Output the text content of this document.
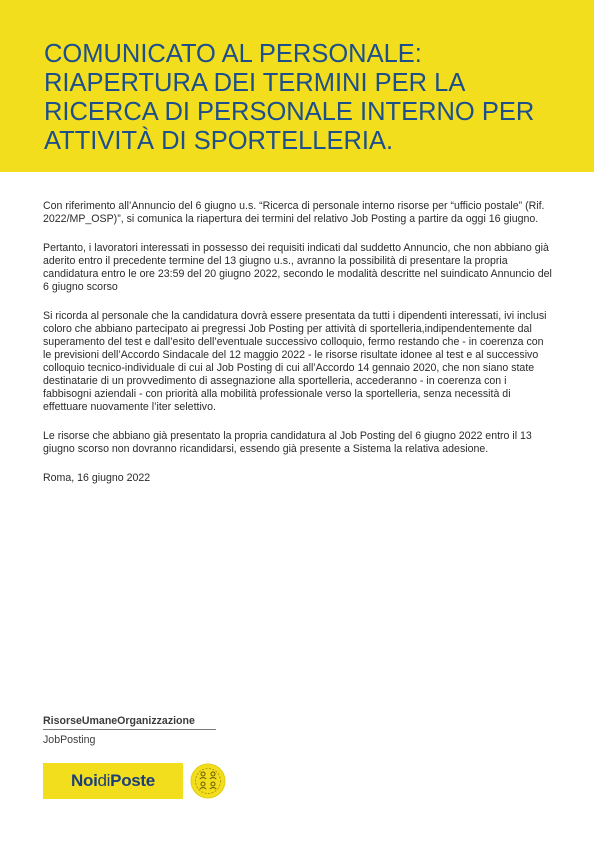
COMUNICATO AL PERSONALE: RIAPERTURA DEI TERMINI PER LA RICERCA DI PERSONALE INTERNO PER ATTIVITÀ DI SPORTELLERIA.

Con riferimento all’Annuncio del 6 giugno u.s. “Ricerca di personale interno risorse per “ufficio postale” (Rif. 2022/MP_OSP)”, si comunica la riapertura dei termini del relativo Job Posting a partire da oggi 16 giugno.

Pertanto, i lavoratori interessati in possesso dei requisiti indicati dal suddetto Annuncio, che non abbiano già aderito entro il precedente termine del 13 giugno u.s., avranno la possibilità di presentare la propria candidatura entro le ore 23:59 del 20 giugno 2022, secondo le modalità descritte nel suindicato Annuncio del 6 giugno scorso

Si ricorda al personale che la candidatura dovrà essere presentata da tutti i dipendenti interessati, ivi inclusi coloro che abbiano partecipato ai pregressi Job Posting per attività di sportelleria,indipendentemente dal superamento del test e dall’esito dell’eventuale successivo colloquio, fermo restando che - in coerenza con le previsioni dell’Accordo Sindacale del 12 maggio 2022 - le risorse risultate idonee al test e al successivo colloquio tecnico-individuale di cui al Job Posting di cui all’Accordo 14 gennaio 2020, che non siano state destinatarie di un provvedimento di assegnazione alla sportelleria, accederanno - in coerenza con i fabbisogni aziendali - con priorità alla mobilità professionale verso la sportelleria, senza necessità di effettuare nuovamente l’iter selettivo.

Le risorse che abbiano già presentato la propria candidatura al Job Posting del 6 giugno 2022 entro il 13 giugno scorso non dovranno ricandidarsi, essendo già presente a Sistema la relativa adesione.

Roma, 16 giugno 2022

RisorseUmaneOrganizzazione
JobPosting
Noi di Poste
